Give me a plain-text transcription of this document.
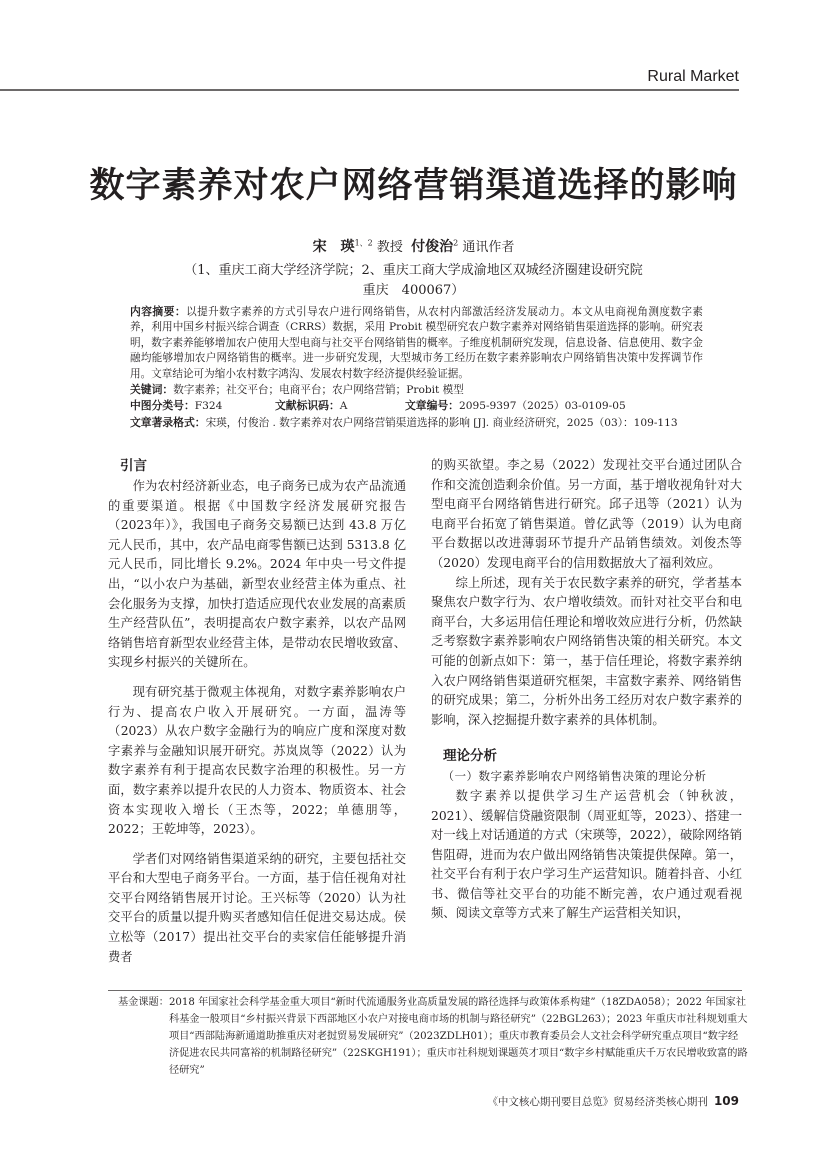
Rural Market
数字素养对农户网络营销渠道选择的影响
宋　瑛$^{1、2}$ 教授 付俊治$^2$ 通讯作者
（1、重庆工商大学经济学院；2、重庆工商大学成渝地区双城经济圈建设研究院
重庆　400067）
内容摘要：以提升数字素养的方式引导农户进行网络销售，从农村内部激活经济发展动力。本文从电商视角测度数字素养，利用中国乡村振兴综合调查（CRRS）数据，采用 Probit 模型研究农户数字素养对网络销售渠道选择的影响。研究表明，数字素养能够增加农户使用大型电商与社交平台网络销售的概率。子维度机制研究发现，信息设备、信息使用、数字金融均能够增加农户网络销售的概率。进一步研究发现，大型城市务工经历在数字素养影响农户网络销售决策中发挥调节作用。文章结论可为缩小农村数字鸿沟、发展农村数字经济提供经验证据。
关键词：数字素养；社交平台；电商平台；农户网络营销；Probit 模型
中图分类号：F324	文献标识码：A	文章编号：2095-9397（2025）03-0109-05
文章著录格式：宋瑛，付俊治 . 数字素养对农户网络营销渠道选择的影响 [J]. 商业经济研究，2025（03）：109-113

引言

作为农村经济新业态，电子商务已成为农产品流通的重要渠道。根据《中国数字经济发展研究报告（2023年）》，我国电子商务交易额已达到 43.8 万亿元人民币，其中，农产品电商零售额已达到 5313.8 亿元人民币，同比增长 9.2%。2024 年中央一号文件提出，“以小农户为基础，新型农业经营主体为重点、社会化服务为支撑，加快打造适应现代农业发展的高素质生产经营队伍”，表明提高农户数字素养，以农产品网络销售培育新型农业经营主体，是带动农民增收致富、实现乡村振兴的关键所在。

现有研究基于微观主体视角，对数字素养影响农户行为、提高农户收入开展研究。一方面，温涛等（2023）从农户数字金融行为的响应广度和深度对数字素养与金融知识展开研究。苏岚岚等（2022）认为数字素养有利于提高农民数字治理的积极性。另一方面，数字素养以提升农民的人力资本、物质资本、社会资本实现收入增长（王杰等，2022；单德朋等，2022；王乾坤等，2023）。

学者们对网络销售渠道采纳的研究，主要包括社交平台和大型电子商务平台。一方面，基于信任视角对社交平台网络销售展开讨论。王兴标等（2020）认为社交平台的质量以提升购买者感知信任促进交易达成。侯立松等（2017）提出社交平台的卖家信任能够提升消费者

的购买欲望。李之易（2022）发现社交平台通过团队合作和交流创造剩余价值。另一方面，基于增收视角针对大型电商平台网络销售进行研究。邱子迅等（2021）认为电商平台拓宽了销售渠道。曾亿武等（2019）认为电商平台数据以改进薄弱环节提升产品销售绩效。刘俊杰等（2020）发现电商平台的信用数据放大了福利效应。

综上所述，现有关于农民数字素养的研究，学者基本聚焦农户数字行为、农户增收绩效。而针对社交平台和电商平台，大多运用信任理论和增收效应进行分析，仍然缺乏考察数字素养影响农户网络销售决策的相关研究。本文可能的创新点如下：第一，基于信任理论，将数字素养纳入农户网络销售渠道研究框架，丰富数字素养、网络销售的研究成果；第二，分析外出务工经历对农户数字素养的影响，深入挖掘提升数字素养的具体机制。

理论分析

（一）数字素养影响农户网络销售决策的理论分析

数字素养以提供学习生产运营机会（钟秋波，2021）、缓解信贷融资限制（周亚虹等，2023）、搭建一对一线上对话通道的方式（宋瑛等，2022），破除网络销售阻碍，进而为农户做出网络销售决策提供保障。第一，社交平台有利于农户学习生产运营知识。随着抖音、小红书、微信等社交平台的功能不断完善，农户通过观看视频、阅读文章等方式来了解生产运营相关知识，

基金课题： 2018 年国家社会科学基金重大项目“新时代流通服务业高质量发展的路径选择与政策体系构建”（18ZDA058）；2022 年国家社科基金一般项目“乡村振兴背景下西部地区小农户对接电商市场的机制与路径研究”（22BGL263）；2023 年重庆市社科规划重大项目“西部陆海新通道助推重庆对老挝贸易发展研究”（2023ZDLH01）；重庆市教育委员会人文社会科学研究重点项目“数字经济促进农民共同富裕的机制路径研究”（22SKGH191）；重庆市社科规划课题英才项目“数字乡村赋能重庆千万农民增收致富的路径研究”
《中文核心期刊要目总览》贸易经济类核心期刊 109
